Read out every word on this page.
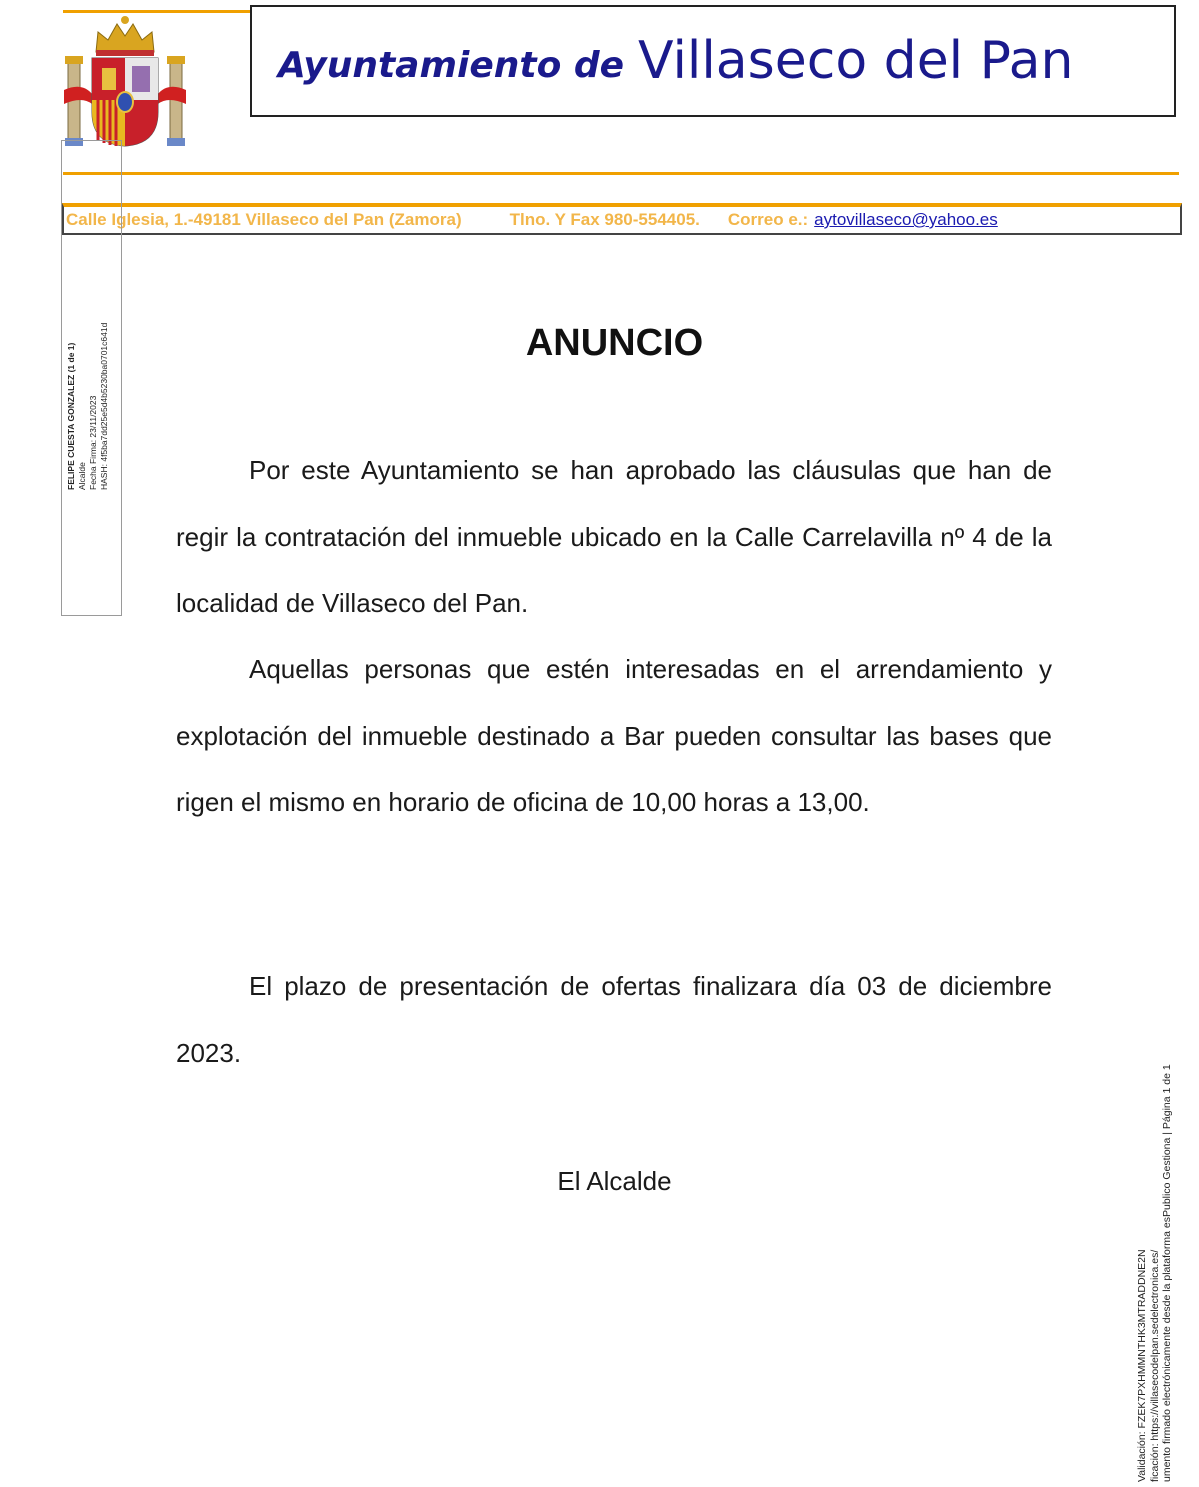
Ayuntamiento de Villaseco del Pan
Calle Iglesia, 1.-49181 Villaseco del Pan (Zamora)	Tlno. Y Fax 980-554405. Correo e.: aytovillaseco@yahoo.es
FELIPE CUESTA GONZALEZ (1 de 1) Alcalde Fecha Firma: 23/11/2023 HASH: 4f5ba7dd25e5d4b5230ba0701c641d	ANUNCIO
Por este Ayuntamiento se han aprobado las cláusulas que han de regir la contratación del inmueble ubicado en la Calle Carrelavilla nº 4 de la localidad de Villaseco del Pan.
Aquellas personas que estén interesadas en el arrendamiento y explotación del inmueble destinado a Bar pueden consultar las bases que rigen el mismo en horario de oficina de 10,00 horas a 13,00.
El plazo de presentación de ofertas finalizara día 03 de diciembre 2023.
El Alcalde
Validación: FZEK7PXHMMNTHK3MTRADDNE2N ficación: https://villasecodelpan.sedelectronica.es/ umento firmado electrónicamente desde la plataforma esPublico Gestiona | Página 1 de 1
